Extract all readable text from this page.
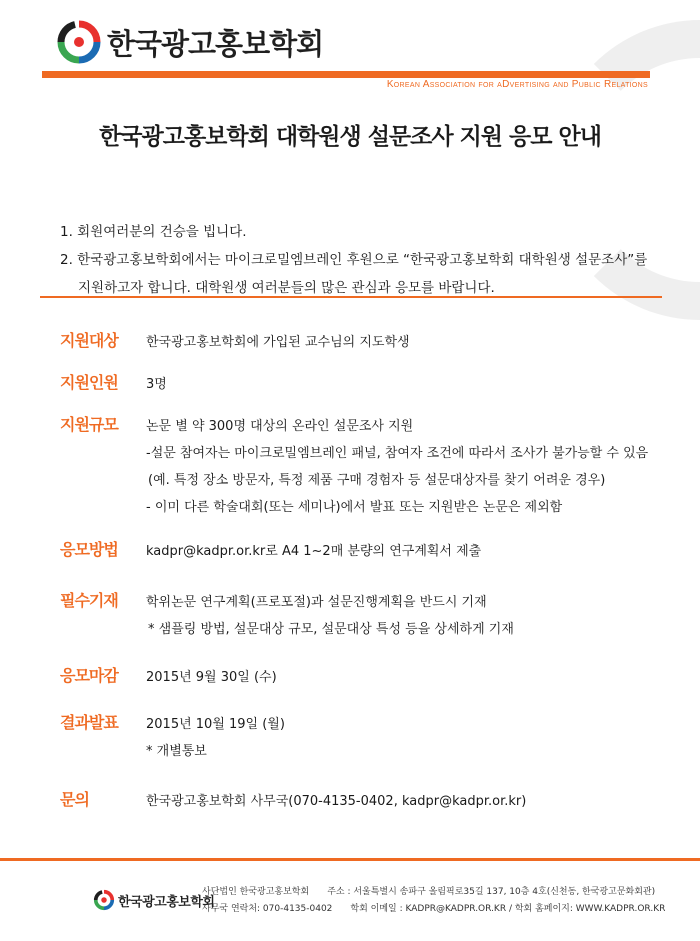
한국광고홍보학회
Korean Association for aDvertising and Public Relations
한국광고홍보학회 대학원생 설문조사 지원 응모 안내
1. 회원여러분의 건승을 빕니다.
2. 한국광고홍보학회에서는 마이크로밀엠브레인 후원으로 “한국광고홍보학회 대학원생 설문조사”를
지원하고자 합니다. 대학원생 여러분들의 많은 관심과 응모를 바랍니다.
지원대상 한국광고홍보학회에 가입된 교수님의 지도학생
지원인원 3명
지원규모 논문 별 약 300명 대상의 온라인 설문조사 지원
-설문 참여자는 마이크로밀엠브레인 패널, 참여자 조건에 따라서 조사가 불가능할 수 있음
(예. 특정 장소 방문자, 특정 제품 구매 경험자 등 설문대상자를 찾기 어려운 경우)
- 이미 다른 학술대회(또는 세미나)에서 발표 또는 지원받은 논문은 제외함
응모방법 kadpr@kadpr.or.kr로 A4 1~2매 분량의 연구계획서 제출
필수기재 학위논문 연구계획(프로포절)과 설문진행계획을 반드시 기재
* 샘플링 방법, 설문대상 규모, 설문대상 특성 등을 상세하게 기재
응모마감 2015년 9월 30일 (수)
결과발표 2015년 10월 19일 (월)
* 개별통보
문의	한국광고홍보학회 사무국(070-4135-0402, kadpr@kadpr.or.kr)
한국광고홍보학회
사단법인 한국광고홍보학회 주소 : 서울특별시 송파구 올림픽로35길 137, 10층 4호(신천동, 한국광고문화회관)
사무국 연락처: 070-4135-0402 학회 이메일 : KADPR@KADPR.OR.KR / 학회 홈페이지: WWW.KADPR.OR.KR
